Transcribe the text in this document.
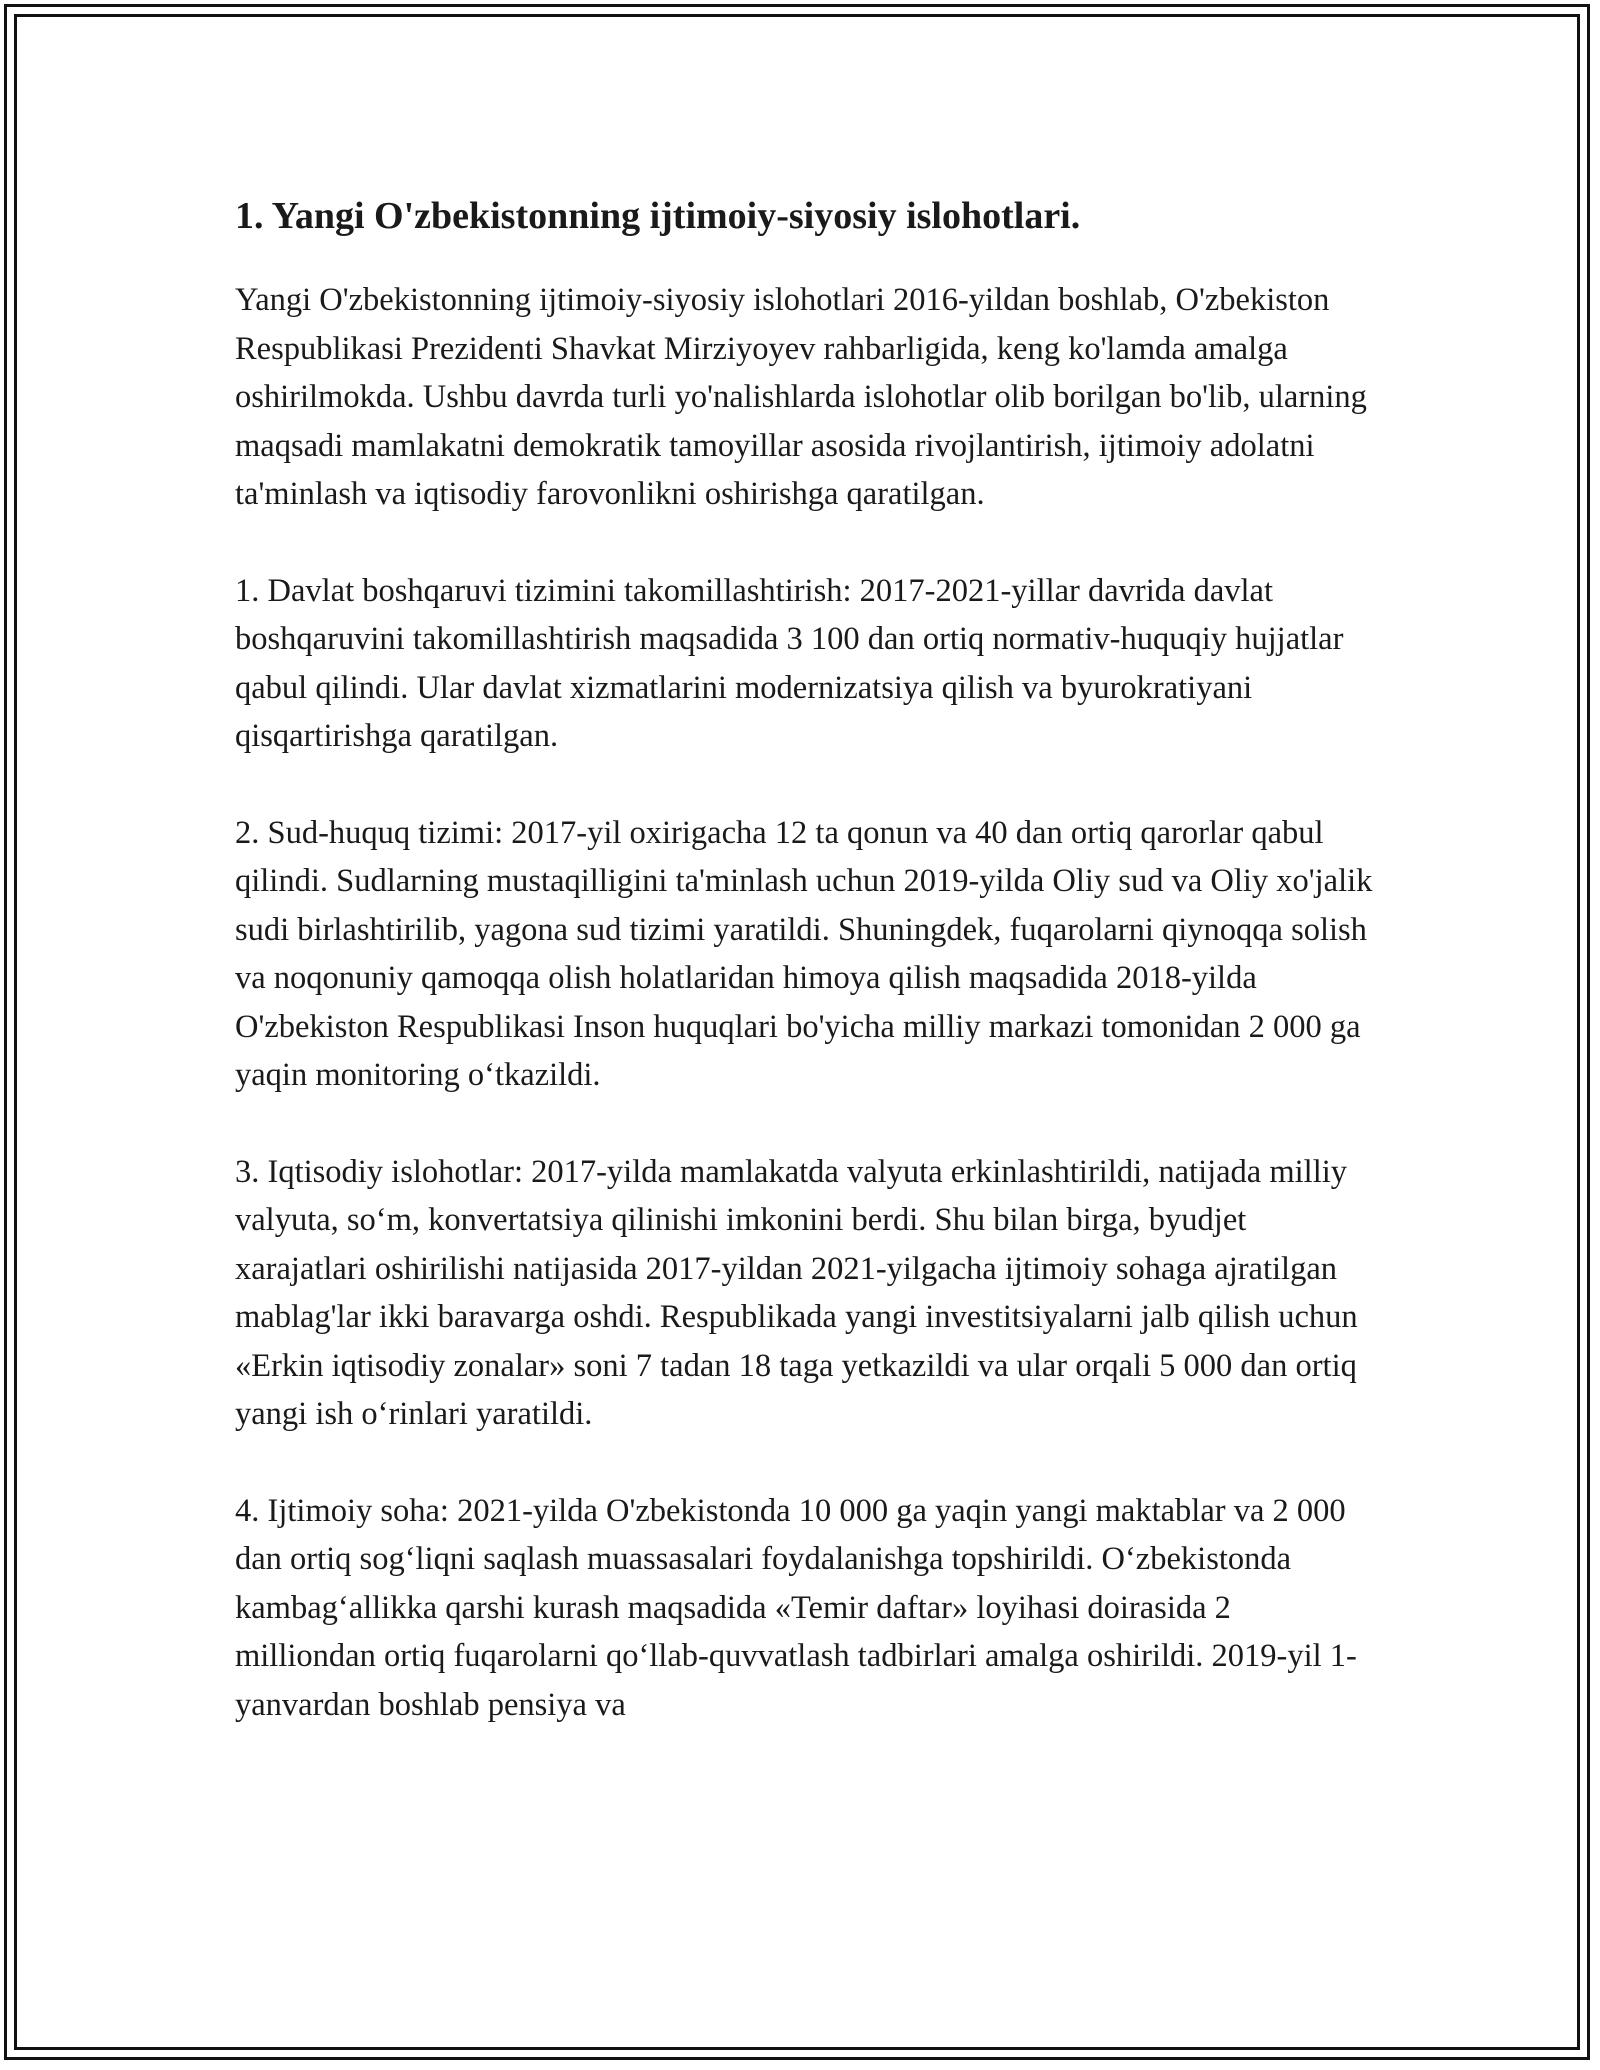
1. Yangi O'zbekistonning ijtimoiy-siyosiy islohotlari.

Yangi O'zbekistonning ijtimoiy-siyosiy islohotlari 2016-yildan boshlab, O'zbekiston Respublikasi Prezidenti Shavkat Mirziyoyev rahbarligida, keng ko'lamda amalga oshirilmokda. Ushbu davrda turli yo'nalishlarda islohotlar olib borilgan bo'lib, ularning maqsadi mamlakatni demokratik tamoyillar asosida rivojlantirish, ijtimoiy adolatni ta'minlash va iqtisodiy farovonlikni oshirishga qaratilgan.

1. Davlat boshqaruvi tizimini takomillashtirish: 2017-2021-yillar davrida davlat boshqaruvini takomillashtirish maqsadida 3 100 dan ortiq normativ-huquqiy hujjatlar qabul qilindi. Ular davlat xizmatlarini modernizatsiya qilish va byurokratiyani qisqartirishga qaratilgan.

2. Sud-huquq tizimi: 2017-yil oxirigacha 12 ta qonun va 40 dan ortiq qarorlar qabul qilindi. Sudlarning mustaqilligini ta'minlash uchun 2019-yilda Oliy sud va Oliy xo'jalik sudi birlashtirilib, yagona sud tizimi yaratildi. Shuningdek, fuqarolarni qiynoqqa solish va noqonuniy qamoqqa olish holatlaridan himoya qilish maqsadida 2018-yilda O'zbekiston Respublikasi Inson huquqlari bo'yicha milliy markazi tomonidan 2 000 ga yaqin monitoring o‘tkazildi.

3. Iqtisodiy islohotlar: 2017-yilda mamlakatda valyuta erkinlashtirildi, natijada milliy valyuta, so‘m, konvertatsiya qilinishi imkonini berdi. Shu bilan birga, byudjet xarajatlari oshirilishi natijasida 2017-yildan 2021-yilgacha ijtimoiy sohaga ajratilgan mablag'lar ikki baravarga oshdi. Respublikada yangi investitsiyalarni jalb qilish uchun «Erkin iqtisodiy zonalar» soni 7 tadan 18 taga yetkazildi va ular orqali 5 000 dan ortiq yangi ish o‘rinlari yaratildi.

4. Ijtimoiy soha: 2021-yilda O'zbekistonda 10 000 ga yaqin yangi maktablar va 2 000 dan ortiq sog‘liqni saqlash muassasalari foydalanishga topshirildi. O‘zbekistonda kambag‘allikka qarshi kurash maqsadida «Temir daftar» loyihasi doirasida 2 milliondan ortiq fuqarolarni qo‘llab-quvvatlash tadbirlari amalga oshirildi. 2019-yil 1-yanvardan boshlab pensiya va
